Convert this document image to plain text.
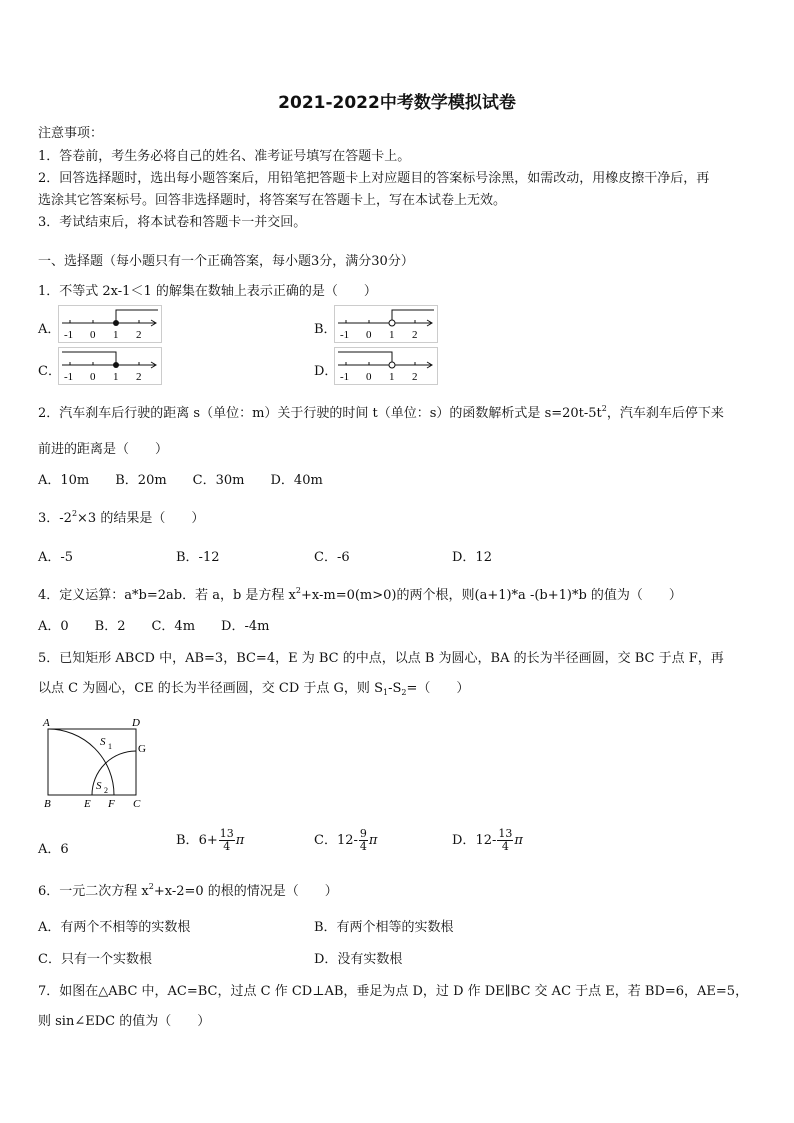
2021-2022中考数学模拟试卷
注意事项：
1．答卷前，考生务必将自己的姓名、准考证号填写在答题卡上。
2．回答选择题时，选出每小题答案后，用铅笔把答题卡上对应题目的答案标号涂黑，如需改动，用橡皮擦干净后，再
选涂其它答案标号。回答非选择题时，将答案写在答题卡上，写在本试卷上无效。
3．考试结束后，将本试卷和答题卡一并交回。
一、选择题（每小题只有一个正确答案，每小题3分，满分30分）
1．不等式 2x-1＜1 的解集在数轴上表示正确的是（　　）
A． -1 0 1 2	B． -1 0 1 2
C． -1 0 1 2	D． -1 0 1 2
2．汽车刹车后行驶的距离 s（单位：m）关于行驶的时间 t（单位：s）的函数解析式是 $s=20t-5t^2$，汽车刹车后停下来
前进的距离是（　　）
A．10m　　B．20m　　C．30m　　D．40m
3．$-2^2\times 3$ 的结果是（　　）
A．-5	B．-12	C．-6	D．12
4．定义运算：a*b=2ab．若 a，b 是方程 $x^2+x-m=0(m>0)$的两个根，则(a+1)*a -(b+1)*b 的值为（　　）
A．0　　B．2　　C．4m　　D．-4m
5．已知矩形 ABCD 中，AB=3，BC=4，E 为 BC 的中点，以点 B 为圆心，BA 的长为半径画圆，交 BC 于点 F，再
以点 C 为圆心，CE 的长为半径画圆，交 CD 于点 G，则 $S_1-S_2=$（　　）
A	D
B	E F C
G
S 1
S 2
A．6
B．$6+ \frac{13}{4}$ π	C．$12- \frac{9}{4}$ π	D．$12- \frac{13}{4}$ π
6．一元二次方程 $x^2+x-2=0$ 的根的情况是（　　）
A．有两个不相等的实数根	B．有两个相等的实数根
C．只有一个实数根	D．没有实数根
7．如图在△ABC 中，AC=BC，过点 C 作 CD⊥AB，垂足为点 D，过 D 作 DE∥BC 交 AC 于点 E，若 BD=6，AE=5，
则 sin∠EDC 的值为（　　）
